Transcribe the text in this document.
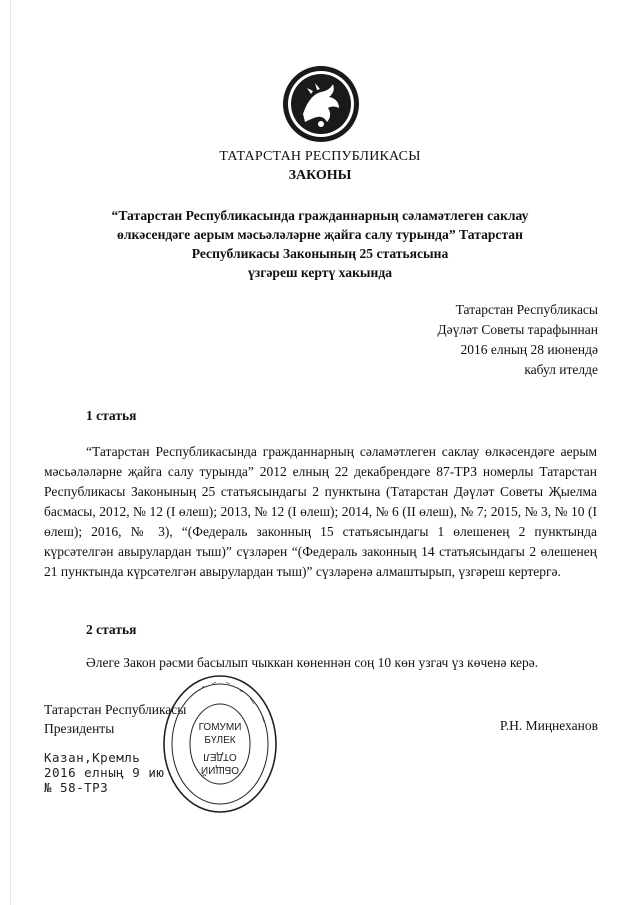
ТАТАРСТАН РЕСПУБЛИКАСЫ
ЗАКОНЫ
“Татарстан Республикасында гражданнарның сәламәтлеген саклау
өлкәсендәге аерым мәсьәләләрне җайга салу турында” Татарстан
Республикасы Законының 25 статьясына
үзгәреш кертү хакында
Татарстан Республикасы
Дәүләт Советы тарафыннан
2016 елның 28 июнендә
кабул ителде
1 статья
“Татарстан Республикасында гражданнарның сәламәтлеген саклау өлкәсендәге аерым мәсьәләләрне җайга салу турында” 2012 елның 22 декабрендәге 87-ТРЗ номерлы Татарстан Республикасы Законының 25 статьясындагы 2 пунктына (Татарстан Дәүләт Советы Җыелма басмасы, 2012, № 12 (I өлеш); 2013, № 12 (I өлеш); 2014, № 6 (II өлеш), № 7; 2015, № 3, № 10 (I өлеш); 2016, № 3), “(Федераль законның 15 статьясындагы 1 өлешенең 2 пунктында күрсәтелгән авырулардан тыш)” сүзләрен “(Федераль законның 14 статьясындагы 2 өлешенең 21 пунктында күрсәтелгән авырулардан тыш)” сүзләренә алмаштырып, үзгәреш кертергә.
2 статья
Әлеге Закон рәсми басылып чыккан көненнән соң 10 көн узгач үз көченә керә.
Татарстан Республикасы
Президенты	Р.Н. Миңнеханов
Казан,Кремль
2016 елның 9 ию
№ 58-ТРЗ
ГОМУМИ
БҮЛЕК
ОТДЕЛ
ОБЩИЙ
